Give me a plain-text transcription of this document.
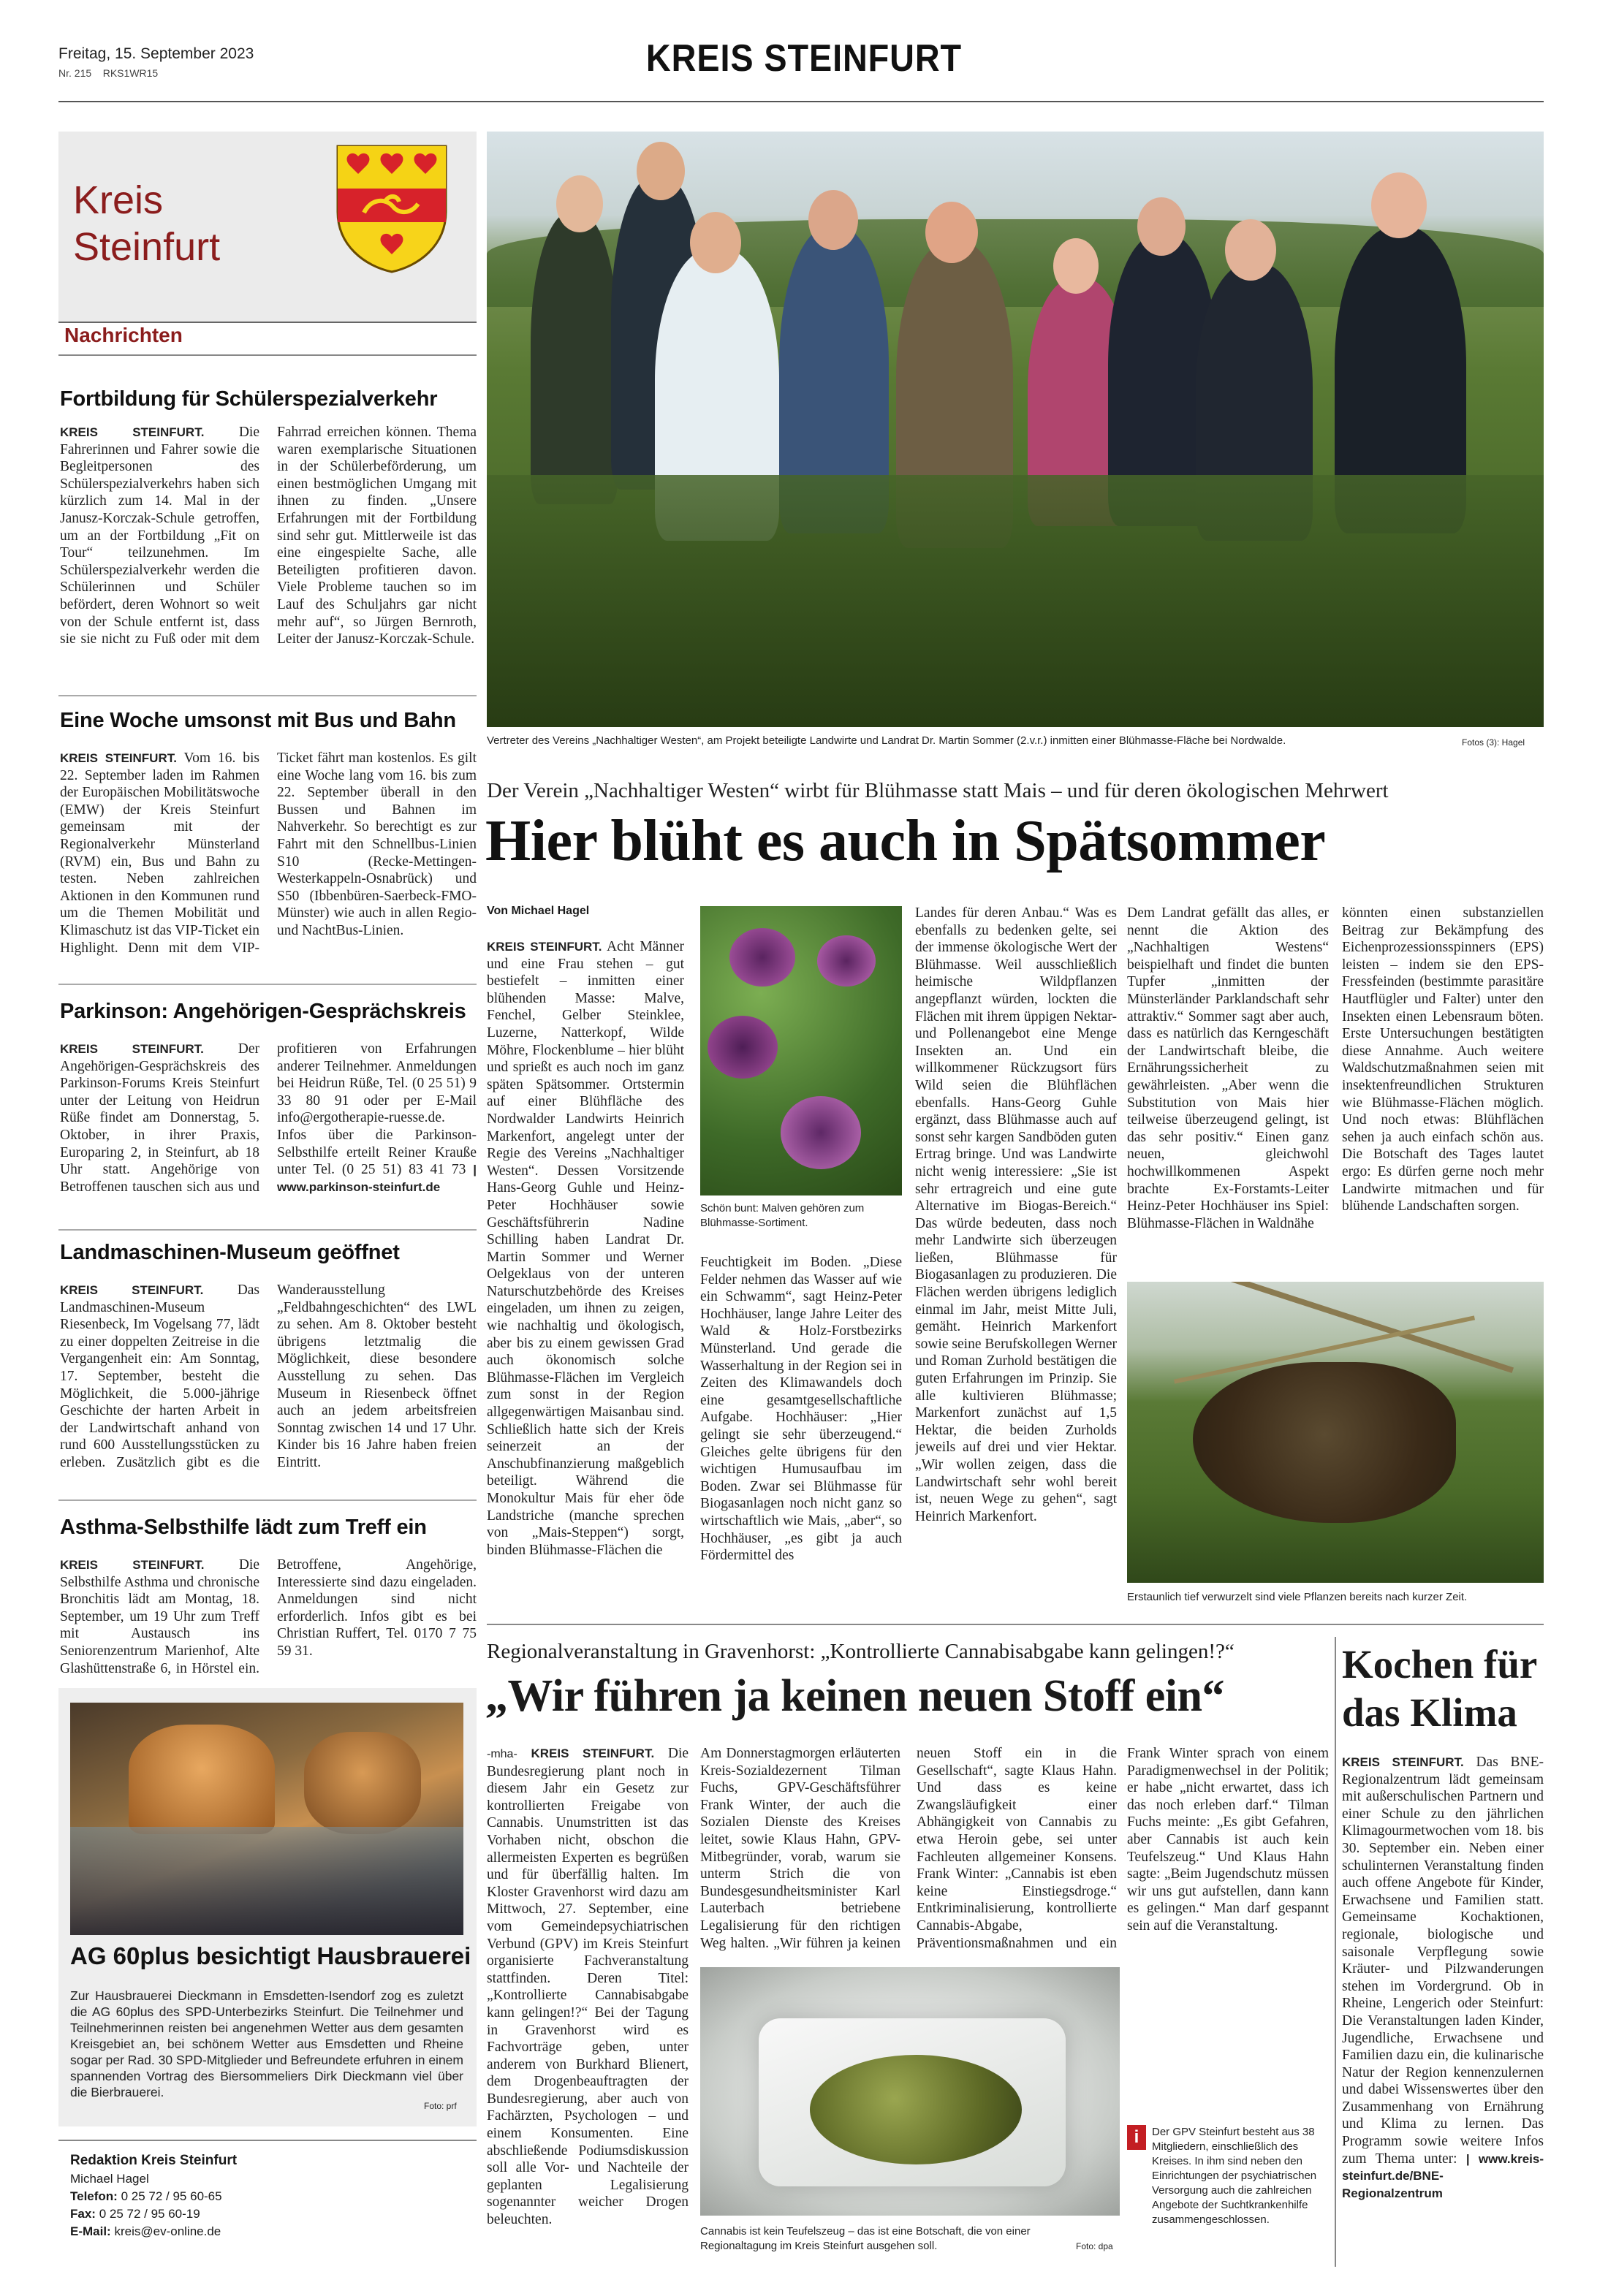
Freitag, 15. September 2023
Nr. 215 RKS1WR15	KREIS STEINFURT
Kreis
Steinfurt
Nachrichten
Fortbildung für Schülerspezialverkehr
KREIS STEINFURT. Die Fahrerinnen und Fahrer sowie die Begleitpersonen des Schülerspezialverkehrs haben sich kürzlich zum 14. Mal in der Janusz-Korczak-Schule getroffen, um an der Fortbildung „Fit on Tour“ teilzunehmen. Im Schülerspezialverkehr werden die Schülerinnen und Schüler befördert, deren Wohnort so weit von der Schule entfernt ist, dass sie sie nicht zu Fuß oder mit dem Fahrrad erreichen können. Thema waren exemplarische Situationen in der Schülerbeförderung, um einen bestmöglichen Umgang mit ihnen zu finden. „Unsere Erfahrungen mit der Fortbildung sind sehr gut. Mittlerweile ist das eine eingespielte Sache, alle Beteiligten profitieren davon. Viele Probleme tauchen so im Lauf des Schuljahrs gar nicht mehr auf“, so Jürgen Bernroth, Leiter der Janusz-Korczak-Schule.
Eine Woche umsonst mit Bus und Bahn
KREIS STEINFURT. Vom 16. bis 22. September laden im Rahmen der Europäischen Mobilitätswoche (EMW) der Kreis Steinfurt gemeinsam mit der Regionalverkehr Münsterland (RVM) ein, Bus und Bahn zu testen. Neben zahlreichen Aktionen in den Kommunen rund um die Themen Mobilität und Klimaschutz ist das VIP-Ticket ein Highlight. Denn mit dem VIP-Ticket fährt man kostenlos. Es gilt eine Woche lang vom 16. bis zum 22. September überall in den Bussen und Bahnen im Nahverkehr. So berechtigt es zur Fahrt mit den Schnellbus-Linien S10 (Recke-Mettingen-Westerkappeln-Osnabrück) und S50 (Ibbenbüren-Saerbeck-FMO-Münster) wie auch in allen Regio- und NachtBus-Linien.
Parkinson: Angehörigen-Gesprächskreis
KREIS STEINFURT. Der Angehörigen-Gesprächskreis des Parkinson-Forums Kreis Steinfurt unter der Leitung von Heidrun Rüße findet am Donnerstag, 5. Oktober, in ihrer Praxis, Europaring 2, in Steinfurt, ab 18 Uhr statt. Angehörige von Betroffenen tauschen sich aus und profitieren von Erfahrungen anderer Teilnehmer. Anmeldungen bei Heidrun Rüße, Tel. (0 25 51) 9 33 80 91 oder per E-Mail info@ergotherapie-ruesse.de. Infos über die Parkinson-Selbsthilfe erteilt Reiner Krauße unter Tel. (0 25 51) 83 41 73 | www.parkinson-steinfurt.de
Landmaschinen-Museum geöffnet
KREIS STEINFURT. Das Landmaschinen-Museum Riesenbeck, Im Vogelsang 77, lädt zu einer doppelten Zeitreise in die Vergangenheit ein: Am Sonntag, 17. September, besteht die Möglichkeit, die 5.000-jährige Geschichte der harten Arbeit in der Landwirtschaft anhand von rund 600 Ausstellungsstücken zu erleben. Zusätzlich gibt es die Wanderausstellung „Feldbahngeschichten“ des LWL zu sehen. Am 8. Oktober besteht übrigens letztmalig die Möglichkeit, diese besondere Ausstellung zu sehen. Das Museum in Riesenbeck öffnet auch an jedem arbeitsfreien Sonntag zwischen 14 und 17 Uhr. Kinder bis 16 Jahre haben freien Eintritt.
Asthma-Selbsthilfe lädt zum Treff ein
KREIS STEINFURT. Die Selbsthilfe Asthma und chronische Bronchitis lädt am Montag, 18. September, um 19 Uhr zum Treff mit Austausch ins Seniorenzentrum Marienhof, Alte Glashüttenstraße 6, in Hörstel ein. Betroffene, Angehörige, Interessierte sind dazu eingeladen. Anmeldungen sind nicht erforderlich. Infos gibt es bei Christian Ruffert, Tel. 0170 7 75 59 31.
AG 60plus besichtigt Hausbrauerei
Zur Hausbrauerei Dieckmann in Emsdetten-Isendorf zog es zuletzt die AG 60plus des SPD-Unterbezirks Steinfurt. Die Teilnehmer und Teilnehmerinnen reisten bei angenehmen Wetter aus dem gesamten Kreisgebiet an, bei schönem Wetter aus Emsdetten und Rheine sogar per Rad. 30 SPD-Mitglieder und Befreundete erfuhren in einem spannenden Vortrag des Biersommeliers Dirk Dieckmann viel über die Bierbrauerei.
Foto: prf
Redaktion Kreis Steinfurt
Michael Hagel
Telefon: 0 25 72 / 95 60-65
Fax: 0 25 72 / 95 60-19
E-Mail: kreis@ev-online.de
Vertreter des Vereins „Nachhaltiger Westen“, am Projekt beteiligte Landwirte und Landrat Dr. Martin Sommer (2.v.r.) inmitten einer Blühmasse-Fläche bei Nordwalde.	Fotos (3): Hagel
Der Verein „Nachhaltiger Westen“ wirbt für Blühmasse statt Mais – und für deren ökologischen Mehrwert
Hier blüht es auch in Spätsommer
Von Michael Hagel
KREIS STEINFURT. Acht Männer und eine Frau stehen – gut bestiefelt – inmitten einer blühenden Masse: Malve, Fenchel, Gelber Steinklee, Luzerne, Natterkopf, Wilde Möhre, Flockenblume – hier blüht und sprießt es auch noch im ganz späten Spätsommer. Ortstermin auf einer Blühfläche des Nordwalder Landwirts Heinrich Markenfort, angelegt unter der Regie des Vereins „Nachhaltiger Westen“. Dessen Vorsitzende Hans-Georg Guhle und Heinz-Peter Hochhäuser sowie Geschäftsführerin Nadine Schilling haben Landrat Dr. Martin Sommer und Werner Oelgeklaus von der unteren Naturschutzbehörde des Kreises eingeladen, um ihnen zu zeigen, wie nachhaltig und ökologisch, aber bis zu einem gewissen Grad auch ökonomisch solche Blühmasse-Flächen im Vergleich zum sonst in der Region allgegenwärtigen Maisanbau sind. Schließlich hatte sich der Kreis seinerzeit an der Anschubfinanzierung maßgeblich beteiligt. Während die Monokultur Mais für eher öde Landstriche (manche sprechen von „Mais-Steppen“) sorgt, binden Blühmasse-Flächen die
Schön bunt: Malven gehören zum Blühmasse-Sortiment.
Feuchtigkeit im Boden. „Diese Felder nehmen das Wasser auf wie ein Schwamm“, sagt Heinz-Peter Hochhäuser, lange Jahre Leiter des Wald & Holz-Forstbezirks Münsterland. Und gerade die Wasserhaltung in der Region sei in Zeiten des Klimawandels doch eine gesamtgesellschaftliche Aufgabe. Hochhäuser: „Hier gelingt sie sehr überzeugend.“ Gleiches gelte übrigens für den wichtigen Humusaufbau im Boden. Zwar sei Blühmasse für Biogasanlagen noch nicht ganz so wirtschaftlich wie Mais, „aber“, so Hochhäuser, „es gibt ja auch Fördermittel des
Landes für deren Anbau.“ Was es ebenfalls zu bedenken gelte, sei der immense ökologische Wert der Blühmasse. Weil ausschließlich heimische Wildpflanzen angepflanzt würden, lockten die Flächen mit ihrem üppigen Nektar- und Pollenangebot eine Menge Insekten an. Und ein willkommener Rückzugsort fürs Wild seien die Blühflächen ebenfalls. Hans-Georg Guhle ergänzt, dass Blühmasse auch auf sonst sehr kargen Sandböden guten Ertrag bringe. Und was Landwirte nicht wenig interessiere: „Sie ist sehr ertragreich und eine gute Alternative im Biogas-Bereich.“ Das würde bedeuten, dass noch mehr Landwirte sich überzeugen ließen, Blühmasse für Biogasanlagen zu produzieren. Die Flächen werden übrigens lediglich einmal im Jahr, meist Mitte Juli, gemäht. Heinrich Markenfort sowie seine Berufskollegen Werner und Roman Zurhold bestätigen die guten Erfahrungen im Prinzip. Sie alle kultivieren Blühmasse; Markenfort zunächst auf 1,5 Hektar, die beiden Zurholds jeweils auf drei und vier Hektar. „Wir wollen zeigen, dass die Landwirtschaft sehr wohl bereit ist, neuen Wege zu gehen“, sagt Heinrich Markenfort.
Dem Landrat gefällt das alles, er nennt die Aktion des „Nachhaltigen Westens“ beispielhaft und findet die bunten Tupfer „inmitten der Münsterländer Parklandschaft sehr attraktiv.“ Sommer sagt aber auch, dass es natürlich das Kerngeschäft der Landwirtschaft bleibe, die Ernährungssicherheit zu gewährleisten. „Aber wenn die Substitution von Mais hier teilweise überzeugend gelingt, ist das sehr positiv.“ Einen ganz neuen, gleichwohl hochwillkommenen Aspekt brachte Ex-Forstamts-Leiter Heinz-Peter Hochhäuser ins Spiel: Blühmasse-Flächen in Waldnähe
könnten einen substanziellen Beitrag zur Bekämpfung des Eichenprozessionsspinners (EPS) leisten – indem sie den EPS-Fressfeinden (bestimmte parasitäre Hautflügler und Falter) unter den Insekten einen Lebensraum böten. Erste Untersuchungen bestätigten diese Annahme. Auch weitere Waldschutzmaßnahmen seien mit insektenfreundlichen Strukturen wie Blühmasse-Flächen möglich. Und noch etwas: Blühflächen sehen ja auch einfach schön aus. Die Botschaft des Tages lautet ergo: Es dürfen gerne noch mehr Landwirte mitmachen und für blühende Landschaften sorgen.
Erstaunlich tief verwurzelt sind viele Pflanzen bereits nach kurzer Zeit.
Regionalveranstaltung in Gravenhorst: „Kontrollierte Cannabisabgabe kann gelingen!?“
„Wir führen ja keinen neuen Stoff ein“
-mha- KREIS STEINFURT. Die Bundesregierung plant noch in diesem Jahr ein Gesetz zur kontrollierten Freigabe von Cannabis. Unumstritten ist das Vorhaben nicht, obschon die allermeisten Experten es begrüßen und für überfällig halten. Im Kloster Gravenhorst wird dazu am Mittwoch, 27. September, eine vom Gemeindepsychiatrischen Verbund (GPV) im Kreis Steinfurt organisierte Fachveranstaltung stattfinden. Deren Titel: „Kontrollierte Cannabisabgabe kann gelingen!?“ Bei der Tagung in Gravenhorst wird es Fachvorträge geben, unter anderem von Burkhard Blienert, dem Drogenbeauftragten der Bundesregierung, aber auch von Fachärzten, Psychologen – und einem Konsumenten. Eine abschließende Podiumsdiskussion soll alle Vor- und Nachteile der geplanten Legalisierung sogenannter weicher Drogen beleuchten.
Am Donnerstagmorgen erläuterten Kreis-Sozialdezernent Tilman Fuchs, GPV-Geschäftsführer Frank Winter, der auch die Sozialen Dienste des Kreises leitet, sowie Klaus Hahn, GPV-Mitbegründer, vorab, warum sie unterm Strich die von Bundesgesundheitsminister Karl Lauterbach betriebene Legalisierung für den richtigen Weg halten. „Wir führen ja keinen neuen Stoff ein in die Gesellschaft“, sagte Klaus Hahn. Und dass es keine Zwangsläufigkeit einer Abhängigkeit von Cannabis zu etwa Heroin gebe, sei unter Fachleuten allgemeiner Konsens. Frank Winter: „Cannabis ist eben keine Einstiegsdroge.“ Entkriminalisierung, kontrollierte Cannabis-Abgabe, Präventionsmaßnahmen und ein
Cannabis ist kein Teufelszeug – das ist eine Botschaft, die von einer Regionaltagung im Kreis Steinfurt ausgehen soll.	Foto: dpa
Frank Winter sprach von einem Paradigmenwechsel in der Politik; er habe „nicht erwartet, dass ich das noch erleben darf.“ Tilman Fuchs meinte: „Es gibt Gefahren, aber Cannabis ist auch kein Teufelszeug.“ Und Klaus Hahn sagte: „Beim Jugendschutz müssen wir uns gut aufstellen, dann kann es gelingen.“ Man darf gespannt sein auf die Veranstaltung.
i	Der GPV Steinfurt besteht aus 38 Mitgliedern, einschließlich des Kreises. In ihm sind neben den Einrichtungen der psychiatrischen Versorgung auch die zahlreichen Angebote der Suchtkrankenhilfe zusammengeschlossen.
Kochen für
das Klima
KREIS STEINFURT. Das BNE-Regionalzentrum lädt gemeinsam mit außerschulischen Partnern und einer Schule zu den jährlichen Klimagourmetwochen vom 18. bis 30. September ein. Neben einer schulinternen Veranstaltung finden auch offene Angebote für Kinder, Erwachsene und Familien statt. Gemeinsame Kochaktionen, regionale, biologische und saisonale Verpflegung sowie Kräuter- und Pilzwanderungen stehen im Vordergrund. Ob in Rheine, Lengerich oder Steinfurt: Die Veranstaltungen laden Kinder, Jugendliche, Erwachsene und Familien dazu ein, die kulinarische Natur der Region kennenzulernen und dabei Wissenswertes über den Zusammenhang von Ernährung und Klima zu lernen. Das Programm sowie weitere Infos zum Thema unter: | www.kreis-steinfurt.de/BNE-Regionalzentrum
